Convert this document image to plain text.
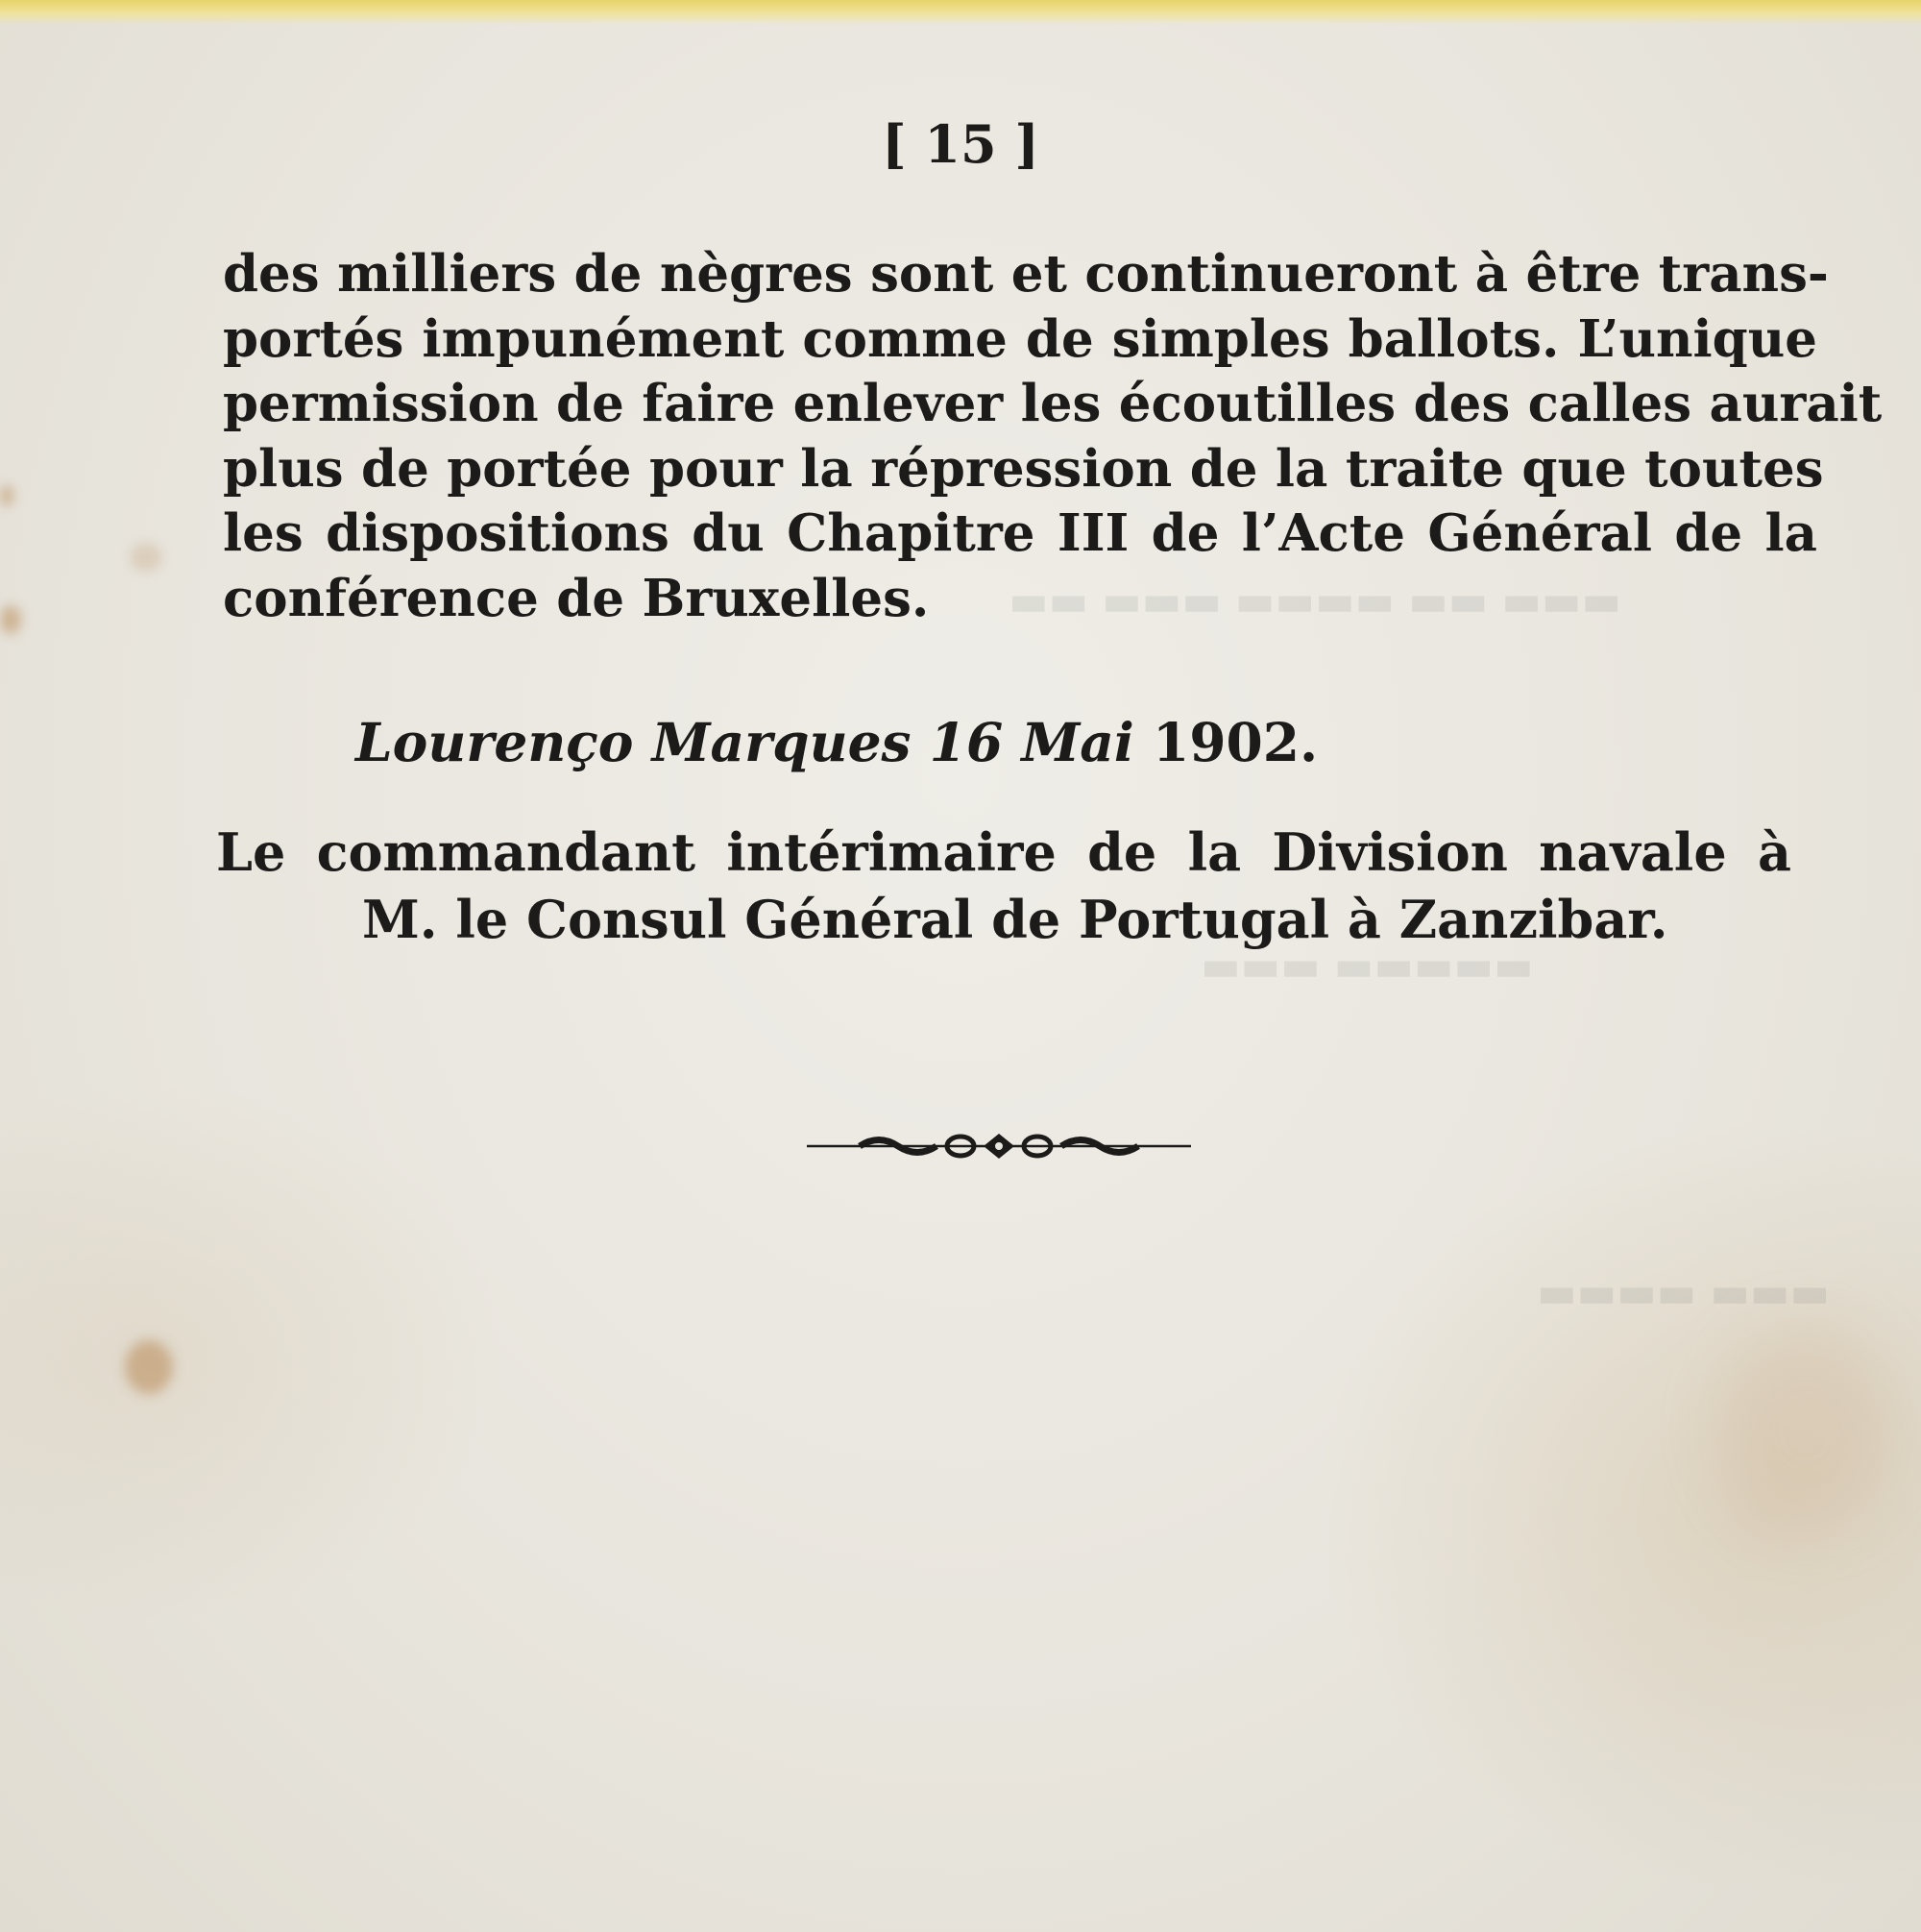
▬▬▬ ▬▬ ▬▬▬▬ ▬▬▬ ▬▬
▬▬▬▬▬ ▬▬▬
▬▬▬ ▬▬▬▬
[ 15 ]
des milliers de nègres sont et continueront à être trans-
portés impunément comme de simples ballots. L’unique
permission de faire enlever les écoutilles des calles aurait
plus de portée pour la répression de la traite que toutes
les dispositions du Chapitre III de l’Acte Général de la
conférence de Bruxelles.
Lourenço Marques 16 Mai 1902.
Le commandant intérimaire de la Division navale à
M. le Consul Général de Portugal à Zanzibar.
